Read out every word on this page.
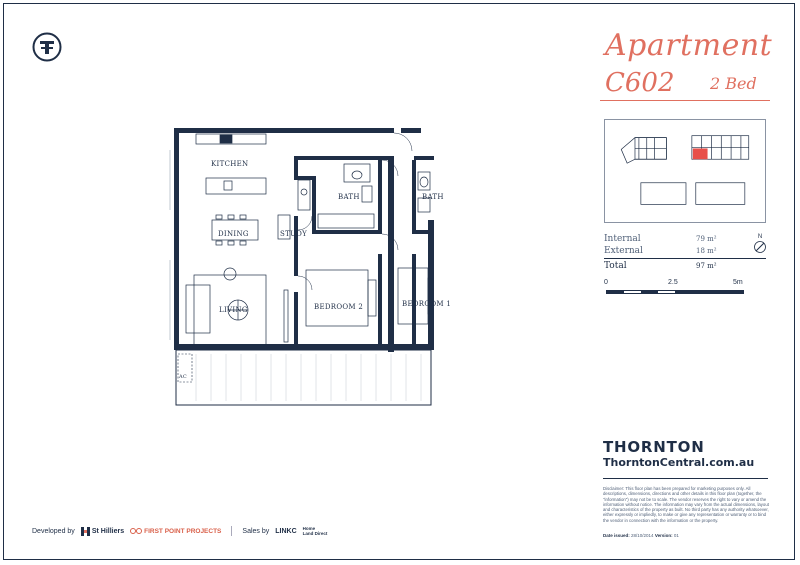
Apartment
C602 2 Bed
Internal	79 m²
External	18 m²
Total	97 m²
N
0	2.5	5m
KITCHEN
DINING	STUDY
LIVING
BATH	BATH
BEDROOM 2	BEDROOM 1
AC
THORNTON
ThorntonCentral.com.au
Disclaimer: This floor plan has been prepared for marketing purposes only. All descriptions, dimensions, directions and other details in this floor plan (together, the "information") may not be to scale. The vendor reserves the right to vary or amend the information without notice. The information may vary from the actual dimensions, layout and characteristics of the property as built. No third party has any authority whatsoever, either expressly or impliedly, to make or give any representation or warranty or to bind the vendor in connection with the information or the property.
Date issued: 28/10/2014 Version: 01
Developed by St Hilliers	FIRST POINT PROJECTS	Sales by LINKC Home
Land Direct
